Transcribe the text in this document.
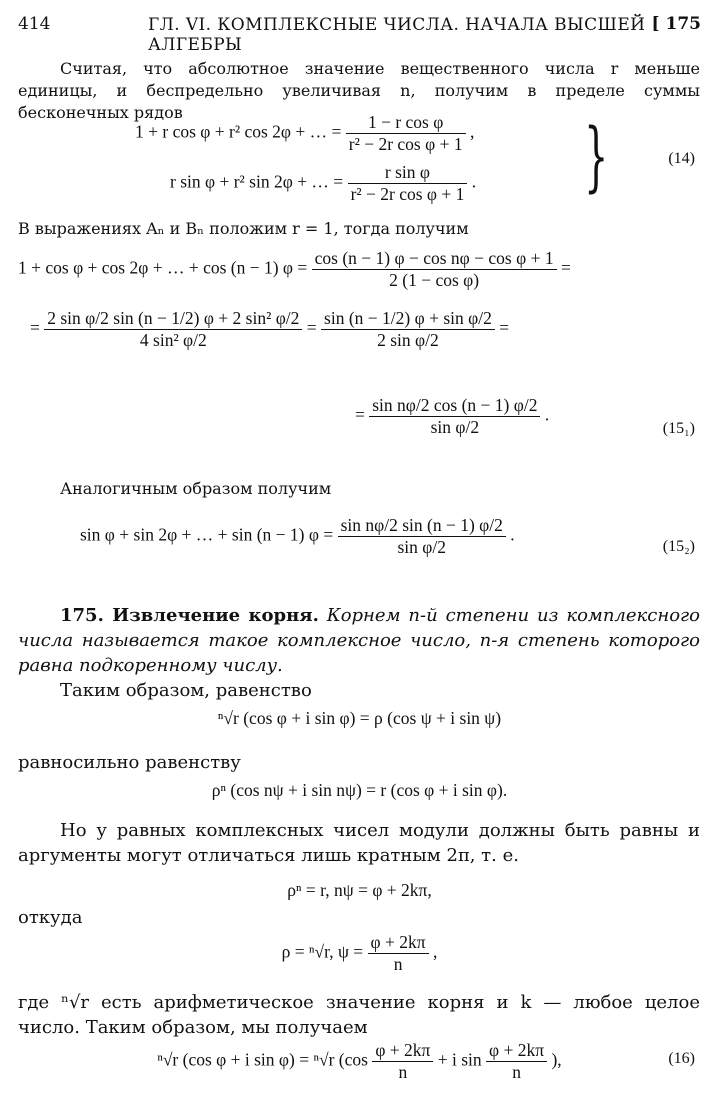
414	ГЛ. VI. КОМПЛЕКСНЫЕ ЧИСЛА. НАЧАЛА ВЫСШЕЙ АЛГЕБРЫ
[ 175
Считая, что абсолютное значение вещественного числа r меньше единицы, и беспредельно увеличивая n, получим в пределе суммы бесконечных рядов
1 + r cos φ + r² cos 2φ + … = $\frac{\text{1 − r cos φ}}{\text{r² − 2r cos φ + 1}}$ ,
r sin φ + r² sin 2φ + … = $\frac{\text{r sin φ}}{\text{r² − 2r cos φ + 1}}$ . }	(14)
В выражениях Aₙ и Bₙ положим r = 1, тогда получим
1 + cos φ + cos 2φ + … + cos (n − 1) $\varphi = \frac{\text{cos (n − 1) φ − cos nφ − cos φ + 1}}{\text{2 (1 − cos φ)}}$ =
= $\frac{\text{2 sin φ/2 sin (n − 1/2) φ + 2 sin² φ/2}}{\text{4 sin² φ/2}} = \frac{\text{sin (n − 1/2) φ + sin φ/2}}{\text{2 sin φ/2}}$ =
= $\frac{\text{sin nφ/2 cos (n − 1) φ/2}}{\text{sin φ/2}}$ .
(15₁)
Аналогичным образом получим
sin φ + sin 2φ + … + sin (n − 1) $\varphi = \frac{\text{sin nφ/2 sin (n − 1) φ/2}}{\text{sin φ/2}}$ .
(15₂)
175. Извлечение корня. Корнем n-й степени из комплексного числа называется такое комплексное число, n-я степень которого равна подкоренному числу.
Таким образом, равенство
ⁿ√r (cos φ + i sin φ) = ρ (cos ψ + i sin ψ)
равносильно равенству
ρⁿ (cos nψ + i sin nψ) = r (cos φ + i sin φ).
Но у равных комплексных чисел модули должны быть равны и аргументы могут отличаться лишь кратным 2π, т. е.
ρⁿ = r, nψ = φ + 2kπ,
откуда
ρ = ⁿ√r, $\psi = \frac{\varphi + 2k\pi}{n}$ ,
где ⁿ√r есть арифметическое значение корня и k — любое целое число. Таким образом, мы получаем
ⁿ√r (cos φ + i sin φ) = ⁿ√r ($\cos \frac{\varphi + 2k\pi}{n} + i$ $\sin \frac{\varphi + 2k\pi}{n}$ ),	(16)
